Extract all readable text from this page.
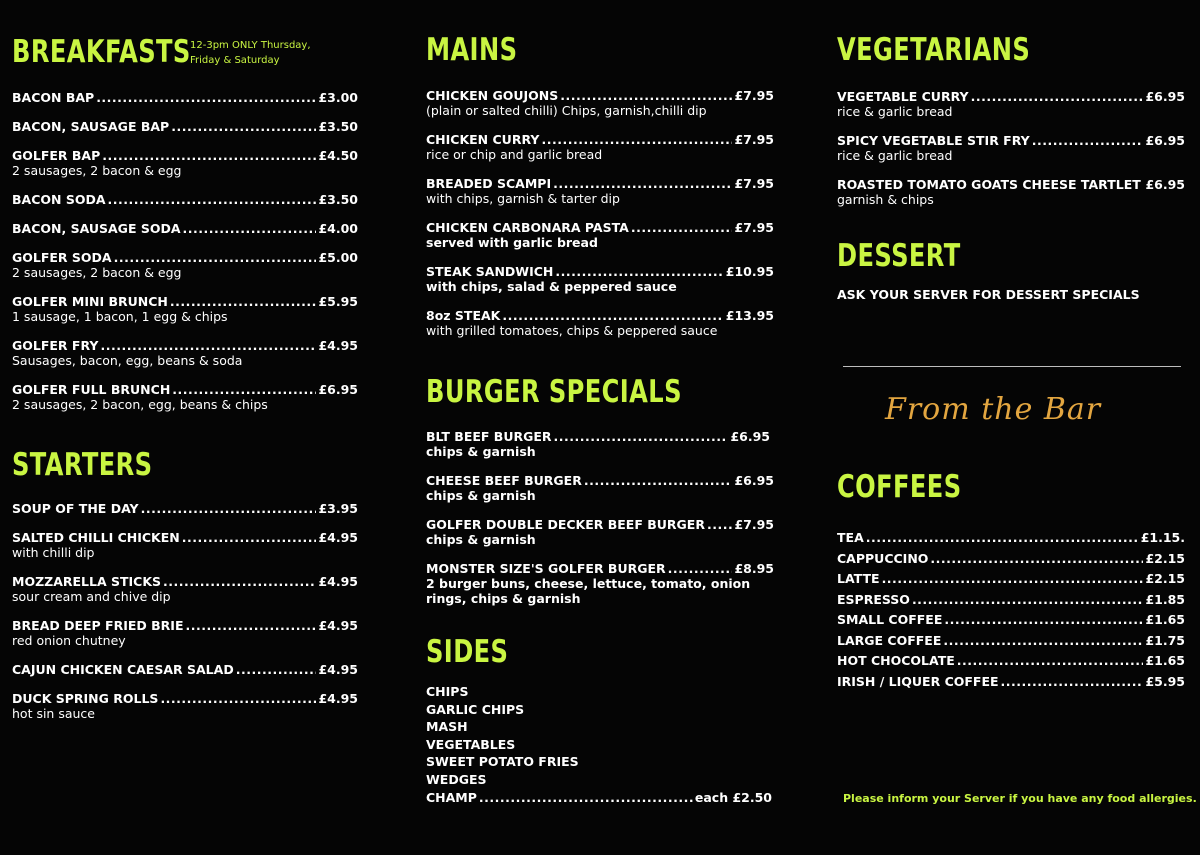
BREAKFASTS 12-3pm ONLY Thursday,
Friday & Saturday
BACON BAP .....	£3.00
BACON, SAUSAGE BAP .....	£3.50
GOLFER BAP .....	£4.50
2 sausages, 2 bacon & egg
BACON SODA .....	£3.50
BACON, SAUSAGE SODA .....	£4.00
GOLFER SODA .....	£5.00
2 sausages, 2 bacon & egg
GOLFER MINI BRUNCH .....	£5.95
1 sausage, 1 bacon, 1 egg & chips
GOLFER FRY .....	£4.95
Sausages, bacon, egg, beans & soda
GOLFER FULL BRUNCH .....	£6.95
2 sausages, 2 bacon, egg, beans & chips
STARTERS
SOUP OF THE DAY .....	£3.95
SALTED CHILLI CHICKEN .....	£4.95
with chilli dip
MOZZARELLA STICKS .....	£4.95
sour cream and chive dip
BREAD DEEP FRIED BRIE .....	£4.95
red onion chutney
CAJUN CHICKEN CAESAR SALAD .....	£4.95
DUCK SPRING ROLLS .....	£4.95
hot sin sauce
MAINS
CHICKEN GOUJONS .....	£7.95
(plain or salted chilli) Chips, garnish,chilli dip
CHICKEN CURRY .....	£7.95
rice or chip and garlic bread
BREADED SCAMPI .....	£7.95
with chips, garnish & tarter dip
CHICKEN CARBONARA PASTA .....	£7.95
served with garlic bread
STEAK SANDWICH .....	£10.95
with chips, salad & peppered sauce
8oz STEAK .....	£13.95
with grilled tomatoes, chips & peppered sauce
BURGER SPECIALS
BLT BEEF BURGER .....	£6.95
chips & garnish
CHEESE BEEF BURGER .....	£6.95
chips & garnish
GOLFER DOUBLE DECKER BEEF BURGER ..... £7.95
chips & garnish
MONSTER SIZE'S GOLFER BURGER .....	£8.95
2 burger buns, cheese, lettuce, tomato, onion
rings, chips & garnish
SIDES
CHIPS
GARLIC CHIPS
MASH
VEGETABLES
SWEET POTATO FRIES
WEDGES
CHAMP .....	each £2.50
VEGETARIANS
VEGETABLE CURRY .....	£6.95
rice & garlic bread
SPICY VEGETABLE STIR FRY .....	£6.95
rice & garlic bread
ROASTED TOMATO GOATS CHEESE TARTLET ..... £6.95
garnish & chips
DESSERT
ASK YOUR SERVER FOR DESSERT SPECIALS
From the Bar
COFFEES
TEA .....	£1.15.
CAPPUCCINO .....	£2.15
LATTE .....	£2.15
ESPRESSO .....	£1.85
SMALL COFFEE .....	£1.65
LARGE COFFEE .....	£1.75
HOT CHOCOLATE .....	£1.65
IRISH / LIQUER COFFEE .....	£5.95
Please inform your Server if you have any food allergies.
